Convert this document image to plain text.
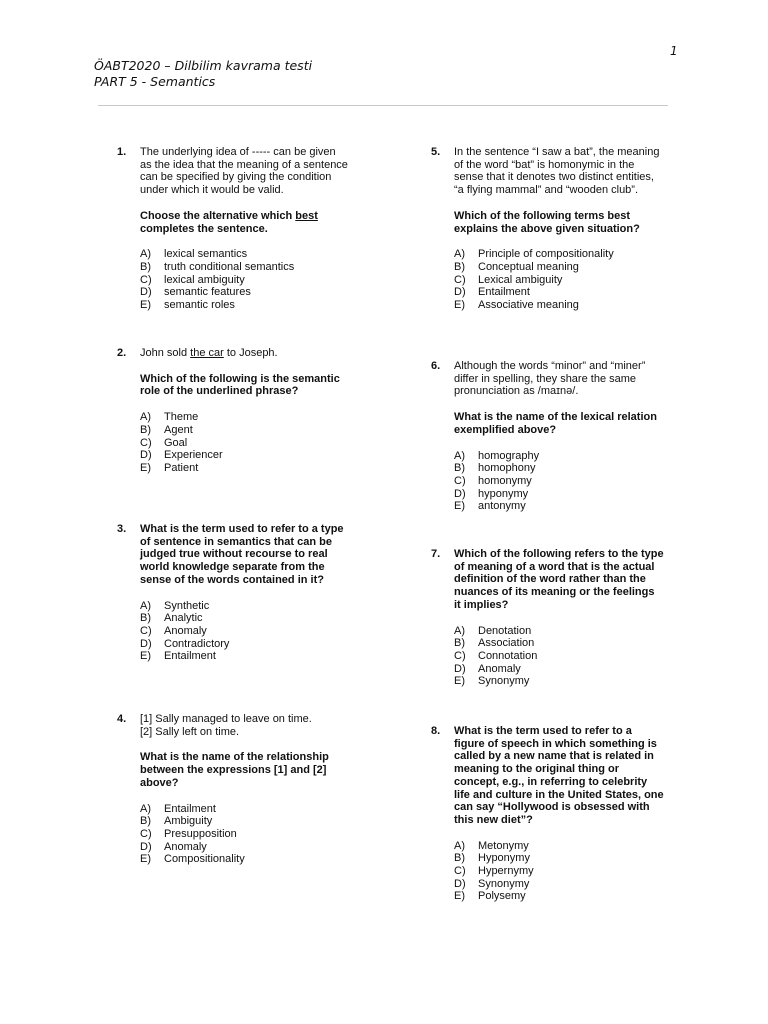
1
ÖABT2020 – Dilbilim kavrama testi
PART 5 - Semantics
1. The underlying idea of ----- can be given
as the idea that the meaning of a sentence
can be specified by giving the condition
under which it would be valid.
Choose the alternative which best
completes the sentence.
A)	lexical semantics
B)	truth conditional semantics
C)	lexical ambiguity
D)	semantic features
E)	semantic roles
2. John sold the car to Joseph.
Which of the following is the semantic
role of the underlined phrase?
A)	Theme
B)	Agent
C)	Goal
D)	Experiencer
E)	Patient
3. What is the term used to refer to a type
of sentence in semantics that can be
judged true without recourse to real
world knowledge separate from the
sense of the words contained in it?
A)	Synthetic
B)	Analytic
C)	Anomaly
D)	Contradictory
E)	Entailment
4. [1] Sally managed to leave on time.
[2] Sally left on time.
What is the name of the relationship
between the expressions [1] and [2]
above?
A)	Entailment
B)	Ambiguity
C)	Presupposition
D)	Anomaly
E)	Compositionality
5. In the sentence “I saw a bat”, the meaning
of the word “bat” is homonymic in the
sense that it denotes two distinct entities,
“a flying mammal” and “wooden club”.
Which of the following terms best
explains the above given situation?
A)	Principle of compositionality
B)	Conceptual meaning
C)	Lexical ambiguity
D)	Entailment
E)	Associative meaning
6. Although the words “minor” and “miner”
differ in spelling, they share the same
pronunciation as /maɪnə/.
What is the name of the lexical relation
exemplified above?
A)	homography
B)	homophony
C)	homonymy
D)	hyponymy
E)	antonymy
7. Which of the following refers to the type
of meaning of a word that is the actual
definition of the word rather than the
nuances of its meaning or the feelings
it implies?
A)	Denotation
B)	Association
C)	Connotation
D)	Anomaly
E)	Synonymy
8. What is the term used to refer to a
figure of speech in which something is
called by a new name that is related in
meaning to the original thing or
concept, e.g., in referring to celebrity
life and culture in the United States, one
can say “Hollywood is obsessed with
this new diet”?
A)	Metonymy
B)	Hyponymy
C)	Hypernymy
D)	Synonymy
E)	Polysemy
